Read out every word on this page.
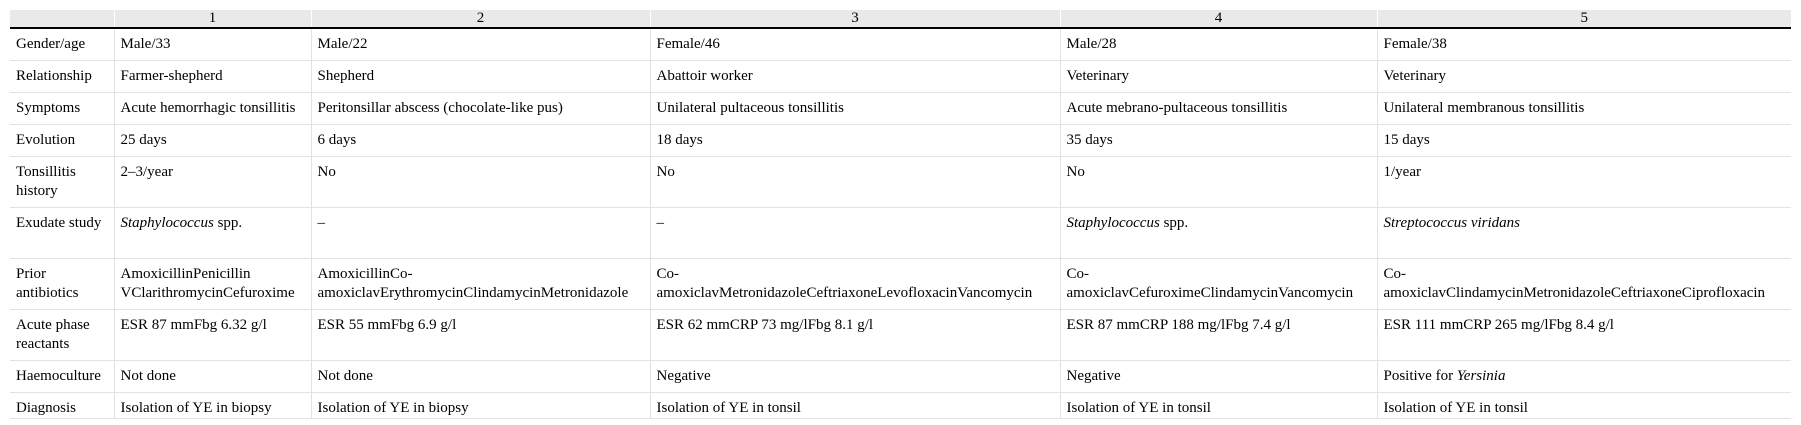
	1	2	3	4	5
Gender/age	Male/33	Male/22	Female/46	Male/28	Female/38
Relationship	Farmer-shepherd	Shepherd	Abattoir worker	Veterinary	Veterinary
Symptoms	Acute hemorrhagic tonsillitis	Peritonsillar abscess (chocolate-like pus)	Unilateral pultaceous tonsillitis	Acute mebrano-pultaceous tonsillitis	Unilateral membranous tonsillitis
Evolution	25 days	6 days	18 days	35 days	15 days
Tonsillitis history	2–3/year	No	No	No	1/year
Exudate study	Staphylococcus spp.	–	–	Staphylococcus spp.	Streptococcus viridans
Prior antibiotics	AmoxicillinPenicillin VClarithromycinCefuroxime	AmoxicillinCo-amoxiclavErythromycinClindamycinMetronidazole	Co-amoxiclavMetronidazoleCeftriaxoneLevofloxacinVancomycin	Co-amoxiclavCefuroximeClindamycinVancomycin	Co-amoxiclavClindamycinMetronidazoleCeftriaxoneCiprofloxacin
Acute phase reactants	ESR 87 mmFbg 6.32 g/l	ESR 55 mmFbg 6.9 g/l	ESR 62 mmCRP 73 mg/lFbg 8.1 g/l	ESR 87 mmCRP 188 mg/lFbg 7.4 g/l	ESR 111 mmCRP 265 mg/lFbg 8.4 g/l
Haemoculture	Not done	Not done	Negative	Negative	Positive for Yersinia
Diagnosis	Isolation of YE in biopsy	Isolation of YE in biopsy	Isolation of YE in tonsil	Isolation of YE in tonsil	Isolation of YE in tonsil
